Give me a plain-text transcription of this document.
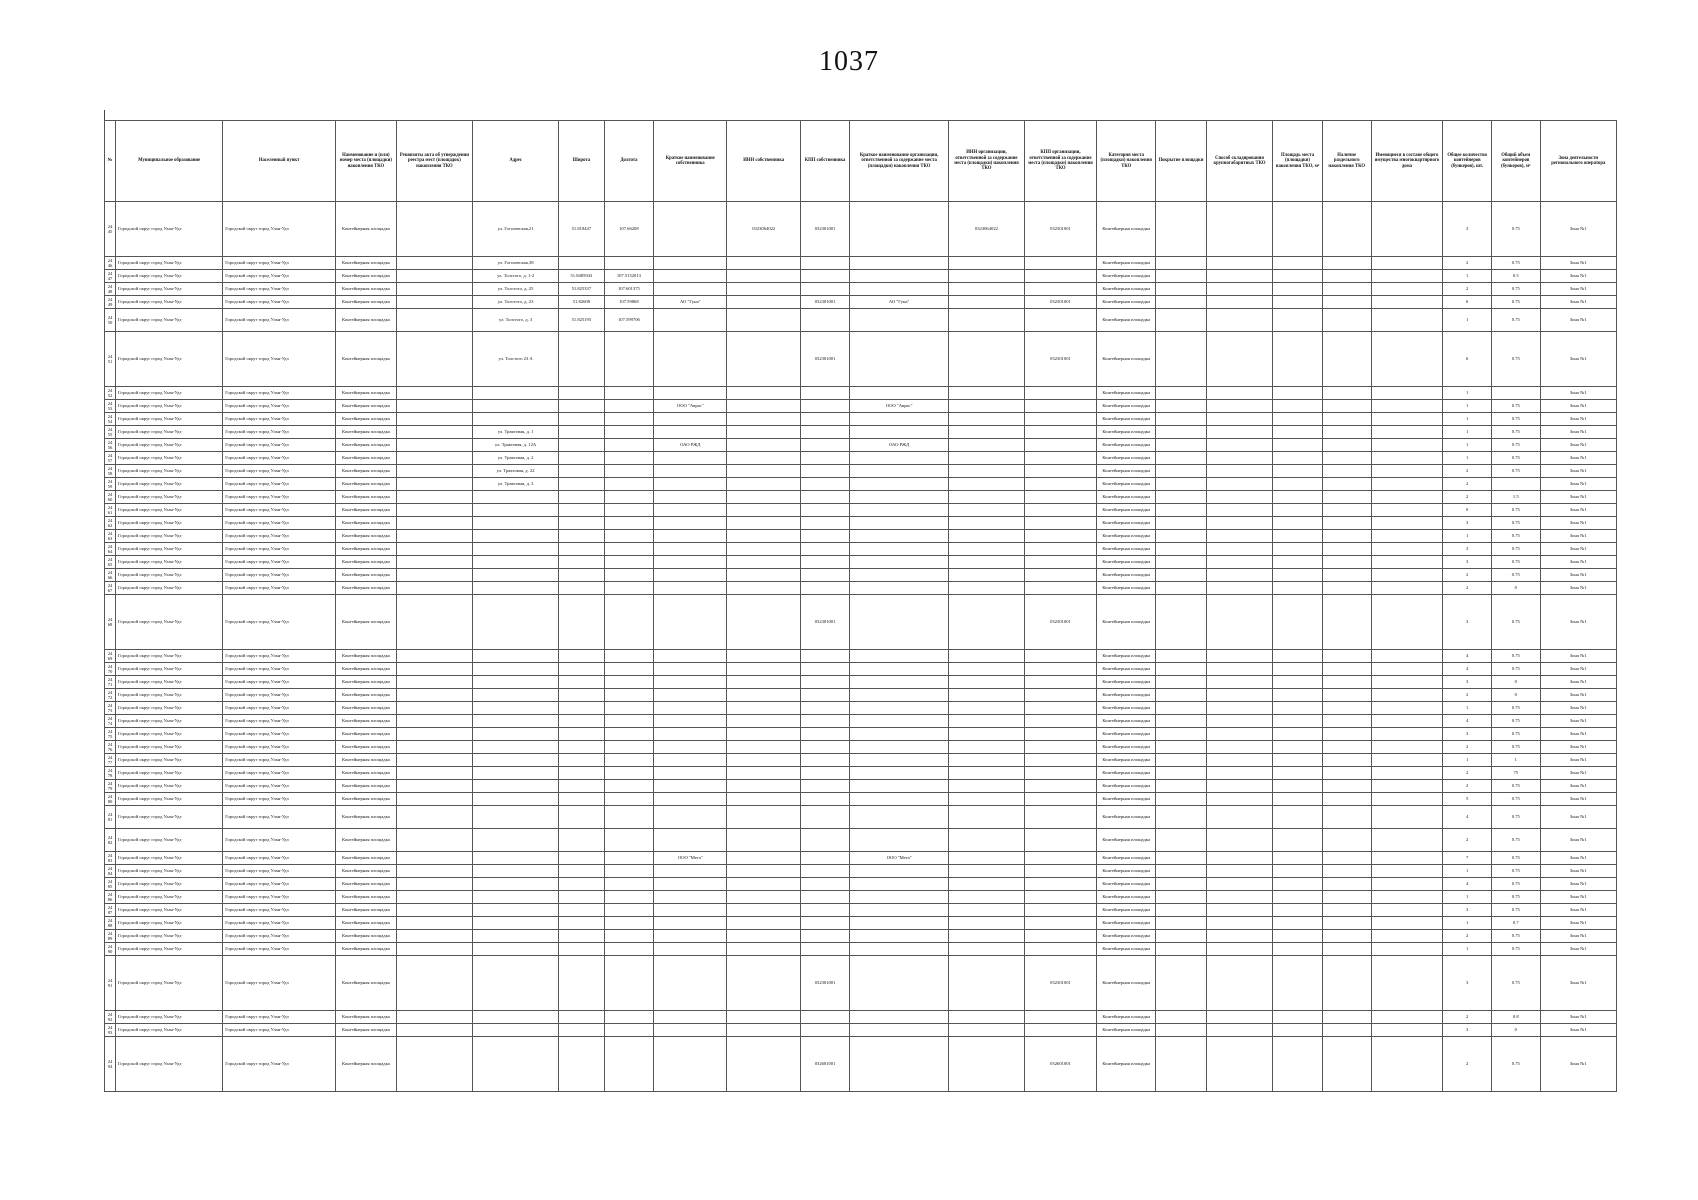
1037
№	Муниципальное образование	Населенный пункт	Наименование и (или) номер места (площадки) накопления ТКО	Реквизиты акта об утверждении реестра мест (площадок) накопления ТКО	Адрес	Широта	Долгота	Краткое наименование собственника	ИНН собственника	КПП собственника	Краткое наименование организации, ответственной за содержание места (площадки) накопления ТКО	ИНН организации, ответственной за содержание места (площадки) накопления ТКО	КПП организации, ответственной за содержание места (площадки) накопления ТКО	Категория места (площадки) накопления ТКО	Покрытие площадки	Способ складирования крупногабаритных ТКО	Площадь места (площадки) накопления ТКО, м²	Наличие раздельного накопления ТКО	Имеющиеся в составе общего имущества многоквартирного дома	Общее количество контейнеров (бункеров), шт.	Общий объем контейнеров (бункеров), м³	Зона деятельности регионального оператора
2445	Городской округ город Улан-Удэ	Городской округ город Улан-Удэ	Контейнерная площадка		ул. Гоголевская,21	51.818447	107.66208		0323064022	032301001		0323064022	032301001	Контейнерная площадка						3	0.75	Зона №1
2446	Городской округ город Улан-Удэ	Городской округ город Улан-Удэ	Контейнерная площадка		ул. Гоголевская,38									Контейнерная площадка						2	0.75	Зона №1
2447	Городской округ город Улан-Удэ	Городской округ город Улан-Удэ	Контейнерная площадка		ул. Толстого, д. 1-2	51.8485943	107.5152013							Контейнерная площадка						1	0.5	Зона №1
2448	Городской округ город Улан-Удэ	Городской округ город Улан-Удэ	Контейнерная площадка		ул. Толстого, д. 25	51.825337	107.601375							Контейнерная площадка						2	0.75	Зона №1
2449	Городской округ город Улан-Удэ	Городской округ город Улан-Удэ	Контейнерная площадка		ул. Толстого, д. 23	51.82608	107.59868	АО "Гуна"		032301001	АО "Гуна"		032301001	Контейнерная площадка						6	0.75	Зона №1
2450	Городской округ город Улан-Удэ	Городской округ город Улан-Удэ	Контейнерная площадка		ул. Толстого, д. 3	51.825195	107.599706							Контейнерная площадка						1	0.75	Зона №1
2451	Городской округ город Улан-Удэ	Городской округ город Улан-Удэ	Контейнерная площадка		ул. Толстого 23 А					032301001			032301001	Контейнерная площадка						6	0.75	Зона №1
2452	Городской округ город Улан-Удэ	Городской округ город Улан-Удэ	Контейнерная площадка											Контейнерная площадка						1		Зона №1
2453	Городской округ город Улан-Удэ	Городской округ город Улан-Удэ	Контейнерная площадка					ООО "Аврас"			ООО "Аврас"			Контейнерная площадка						1	0.75	Зона №1
2454	Городской округ город Улан-Удэ	Городской округ город Улан-Удэ	Контейнерная площадка											Контейнерная площадка						1	0.75	Зона №1
2455	Городской округ город Улан-Удэ	Городской округ город Улан-Удэ	Контейнерная площадка		ул. Трактовая, д. 1									Контейнерная площадка						1	0.75	Зона №1
2456	Городской округ город Улан-Удэ	Городской округ город Улан-Удэ	Контейнерная площадка		ул. Трактовая, д. 12А			ОАО РЖД			ОАО РЖД			Контейнерная площадка						1	0.75	Зона №1
2457	Городской округ город Улан-Удэ	Городской округ город Улан-Удэ	Контейнерная площадка		ул. Трактовая, д. 2									Контейнерная площадка						1	0.75	Зона №1
2458	Городской округ город Улан-Удэ	Городской округ город Улан-Удэ	Контейнерная площадка		ул. Трактовая, д. 22									Контейнерная площадка						2	0.75	Зона №1
2459	Городской округ город Улан-Удэ	Городской округ город Улан-Удэ	Контейнерная площадка		ул. Трактовая, д. 3									Контейнерная площадка						2		Зона №1
2460	Городской округ город Улан-Удэ	Городской округ город Улан-Удэ	Контейнерная площадка											Контейнерная площадка						2	1.5	Зона №1
2461	Городской округ город Улан-Удэ	Городской округ город Улан-Удэ	Контейнерная площадка											Контейнерная площадка						0	0.75	Зона №1
2462	Городской округ город Улан-Удэ	Городской округ город Улан-Удэ	Контейнерная площадка											Контейнерная площадка						3	0.75	Зона №1
2463	Городской округ город Улан-Удэ	Городской округ город Улан-Удэ	Контейнерная площадка											Контейнерная площадка						1	0.75	Зона №1
2464	Городской округ город Улан-Удэ	Городской округ город Улан-Удэ	Контейнерная площадка											Контейнерная площадка						3	0.75	Зона №1
2465	Городской округ город Улан-Удэ	Городской округ город Улан-Удэ	Контейнерная площадка											Контейнерная площадка						3	0.75	Зона №1
2466	Городской округ город Улан-Удэ	Городской округ город Улан-Удэ	Контейнерная площадка											Контейнерная площадка						2	0.75	Зона №1
2467	Городской округ город Улан-Удэ	Городской округ город Улан-Удэ	Контейнерная площадка											Контейнерная площадка						2	0	Зона №1
2468	Городской округ город Улан-Удэ	Городской округ город Улан-Удэ	Контейнерная площадка							032301001			032301001	Контейнерная площадка						3	0.75	Зона №1
2469	Городской округ город Улан-Удэ	Городской округ город Улан-Удэ	Контейнерная площадка											Контейнерная площадка						4	0.75	Зона №1
2470	Городской округ город Улан-Удэ	Городской округ город Улан-Удэ	Контейнерная площадка											Контейнерная площадка						4	0.75	Зона №1
2471	Городской округ город Улан-Удэ	Городской округ город Улан-Удэ	Контейнерная площадка											Контейнерная площадка						3	0	Зона №1
2472	Городской округ город Улан-Удэ	Городской округ город Улан-Удэ	Контейнерная площадка											Контейнерная площадка						2	0	Зона №1
2473	Городской округ город Улан-Удэ	Городской округ город Улан-Удэ	Контейнерная площадка											Контейнерная площадка						1	0.75	Зона №1
2474	Городской округ город Улан-Удэ	Городской округ город Улан-Удэ	Контейнерная площадка											Контейнерная площадка						4	0.75	Зона №1
2475	Городской округ город Улан-Удэ	Городской округ город Улан-Удэ	Контейнерная площадка											Контейнерная площадка						3	0.75	Зона №1
2476	Городской округ город Улан-Удэ	Городской округ город Улан-Удэ	Контейнерная площадка											Контейнерная площадка						2	0.75	Зона №1
2477	Городской округ город Улан-Удэ	Городской округ город Улан-Удэ	Контейнерная площадка											Контейнерная площадка						1	1	Зона №1
2478	Городской округ город Улан-Удэ	Городской округ город Улан-Удэ	Контейнерная площадка											Контейнерная площадка						2	75	Зона №1
2479	Городской округ город Улан-Удэ	Городской округ город Улан-Удэ	Контейнерная площадка											Контейнерная площадка						2	0.75	Зона №1
2480	Городской округ город Улан-Удэ	Городской округ город Улан-Удэ	Контейнерная площадка											Контейнерная площадка						5	0.75	Зона №1
2481	Городской округ город Улан-Удэ	Городской округ город Улан-Удэ	Контейнерная площадка											Контейнерная площадка						4	0.75	Зона №1
2482	Городской округ город Улан-Удэ	Городской округ город Улан-Удэ	Контейнерная площадка											Контейнерная площадка						2	0.75	Зона №1
2483	Городской округ город Улан-Удэ	Городской округ город Улан-Удэ	Контейнерная площадка					ООО "Мега"			ООО "Мега"			Контейнерная площадка						7	0.75	Зона №1
2484	Городской округ город Улан-Удэ	Городской округ город Улан-Удэ	Контейнерная площадка											Контейнерная площадка						1	0.75	Зона №1
2485	Городской округ город Улан-Удэ	Городской округ город Улан-Удэ	Контейнерная площадка											Контейнерная площадка						4	0.75	Зона №1
2486	Городской округ город Улан-Удэ	Городской округ город Улан-Удэ	Контейнерная площадка											Контейнерная площадка						1	0.75	Зона №1
2487	Городской округ город Улан-Удэ	Городской округ город Улан-Удэ	Контейнерная площадка											Контейнерная площадка						3	0.75	Зона №1
2488	Городской округ город Улан-Удэ	Городской округ город Улан-Удэ	Контейнерная площадка											Контейнерная площадка						1	0.7	Зона №1
2489	Городской округ город Улан-Удэ	Городской округ город Улан-Удэ	Контейнерная площадка											Контейнерная площадка						2	0.75	Зона №1
2490	Городской округ город Улан-Удэ	Городской округ город Улан-Удэ	Контейнерная площадка											Контейнерная площадка						1	0.75	Зона №1
2491	Городской округ город Улан-Удэ	Городской округ город Улан-Удэ	Контейнерная площадка							032301001			032301001	Контейнерная площадка						3	0.75	Зона №1
2492	Городской округ город Улан-Удэ	Городской округ город Улан-Удэ	Контейнерная площадка											Контейнерная площадка						2	0.8	Зона №1
2493	Городской округ город Улан-Удэ	Городской округ город Улан-Удэ	Контейнерная площадка											Контейнерная площадка						3	0	Зона №1
2494	Городской округ город Улан-Удэ	Городской округ город Улан-Удэ	Контейнерная площадка							032601001			032601001	Контейнерная площадка						2	0.75	Зона №1
